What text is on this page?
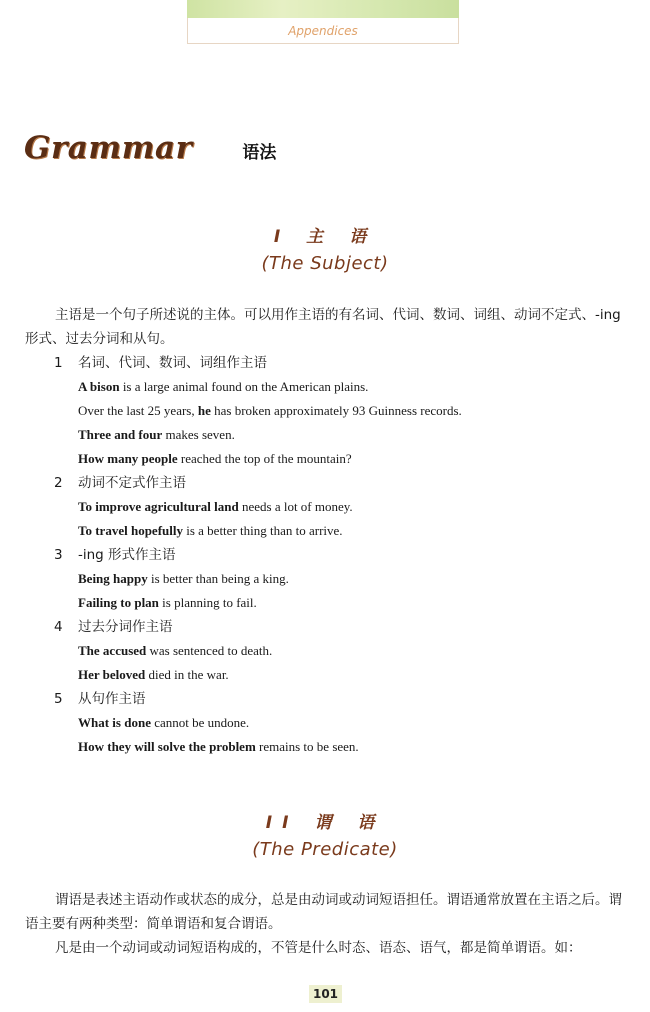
Appendices
Grammar	语法
I 主 语
(The Subject)

主语是一个句子所述说的主体。可以用作主语的有名词、代词、数词、词组、动词不定式、-ing 形式、过去分词和从句。

1 名词、代词、数词、词组作主语
A bison is a large animal found on the American plains.
Over the last 25 years, he has broken approximately 93 Guinness records.
Three and four makes seven.
How many people reached the top of the mountain?
2 动词不定式作主语
To improve agricultural land needs a lot of money.
To travel hopefully is a better thing than to arrive.
3 -ing 形式作主语
Being happy is better than being a king.
Failing to plan is planning to fail.
4 过去分词作主语
The accused was sentenced to death.
Her beloved died in the war.
5 从句作主语
What is done cannot be undone.
How they will solve the problem remains to be seen.
II 谓 语
(The Predicate)

谓语是表述主语动作或状态的成分，总是由动词或动词短语担任。谓语通常放置在主语之后。谓语主要有两种类型：简单谓语和复合谓语。

凡是由一个动词或动词短语构成的，不管是什么时态、语态、语气，都是简单谓语。如：

101
